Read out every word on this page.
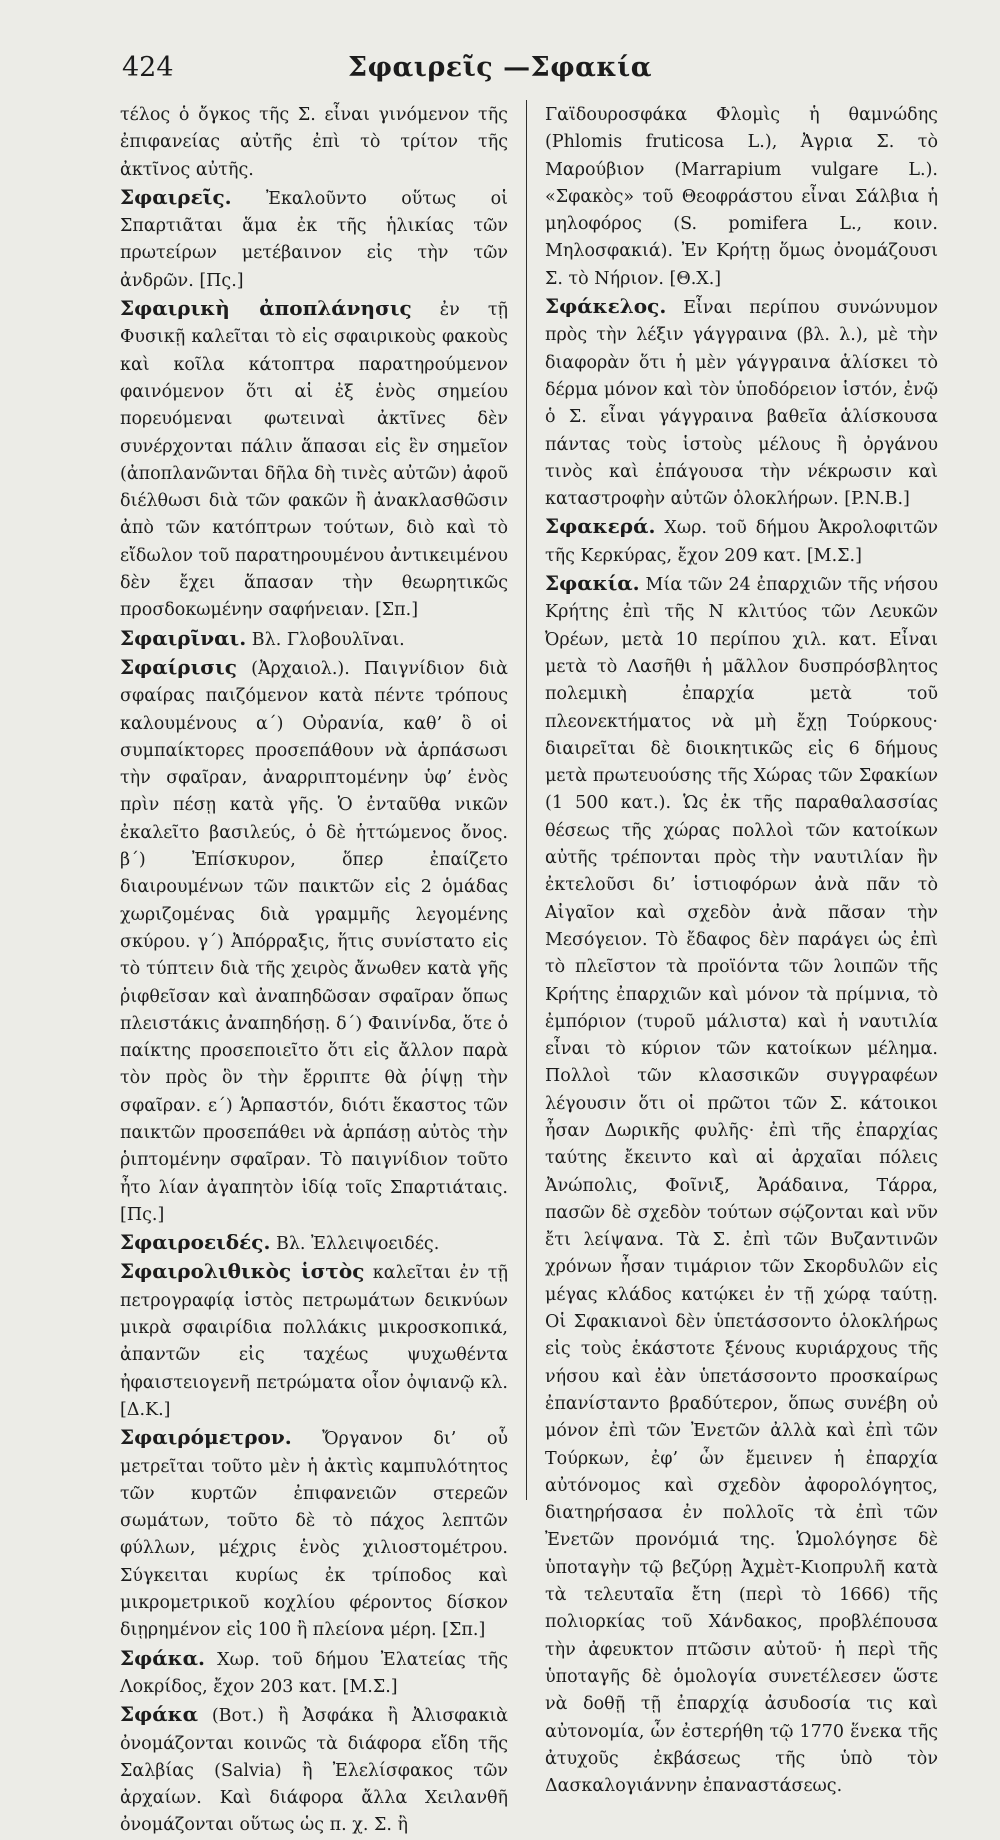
424	Σφαιρεῖς —Σφακία

τέλος ὁ ὄγκος τῆς Σ. εἶναι γινόμενον τῆς ἐπιφανείας αὐτῆς ἐπὶ τὸ τρίτον τῆς ἀκτῖνος αὐτῆς.

Σφαιρεῖς. Ἐκαλοῦντο οὕτως οἱ Σπαρτιᾶται ἅμα ἐκ τῆς ἡλικίας τῶν πρωτείρων μετέβαινον εἰς τὴν τῶν ἀνδρῶν. [Πς.]

Σφαιρικὴ ἀποπλάνησις ἐν τῇ Φυσικῇ καλεῖται τὸ εἰς σφαιρικοὺς φακοὺς καὶ κοῖλα κάτοπτρα παρατηρούμενον φαινόμενον ὅτι αἱ ἐξ ἑνὸς σημείου πορευόμεναι φωτειναὶ ἀκτῖνες δὲν συνέρχονται πάλιν ἅπασαι εἰς ἓν σημεῖον (ἀποπλανῶνται δῆλα δὴ τινὲς αὐτῶν) ἀφοῦ διέλθωσι διὰ τῶν φακῶν ἢ ἀνακλασθῶσιν ἀπὸ τῶν κατόπτρων τούτων, διὸ καὶ τὸ εἴδωλον τοῦ παρατηρουμένου ἀντικειμένου δὲν ἔχει ἅπασαν τὴν θεωρητικῶς προσδοκωμένην σαφήνειαν. [Σπ.]

Σφαιρῖναι. Βλ. Γλοβουλῖναι.

Σφαίρισις (Ἀρχαιολ.). Παιγνίδιον διὰ σφαίρας παιζόμενον κατὰ πέντε τρόπους καλουμένους α΄) Οὐρανία, καθ’ ὃ οἱ συμπαίκτορες προσεπάθουν νὰ ἁρπάσωσι τὴν σφαῖραν, ἀναρριπτομένην ὑφ’ ἑνὸς πρὶν πέσῃ κατὰ γῆς. Ὁ ἐνταῦθα νικῶν ἐκαλεῖτο βασιλεύς, ὁ δὲ ἡττώμενος ὄνος. β΄) Ἐπίσκυρον, ὅπερ ἐπαίζετο διαιρουμένων τῶν παικτῶν εἰς 2 ὁμάδας χωριζομένας διὰ γραμμῆς λεγομένης σκύρου. γ΄) Ἀπόρραξις, ἥτις συνίστατο εἰς τὸ τύπτειν διὰ τῆς χειρὸς ἄνωθεν κατὰ γῆς ῥιφθεῖσαν καὶ ἀναπηδῶσαν σφαῖραν ὅπως πλειστάκις ἀναπηδήσῃ. δ΄) Φαινίνδα, ὅτε ὁ παίκτης προσεποιεῖτο ὅτι εἰς ἄλλον παρὰ τὸν πρὸς ὃν τὴν ἔρριπτε θὰ ῥίψῃ τὴν σφαῖραν. ε΄) Ἁρπαστόν, διότι ἕκαστος τῶν παικτῶν προσεπάθει νὰ ἁρπάσῃ αὐτὸς τὴν ῥιπτομένην σφαῖραν. Τὸ παιγνίδιον τοῦτο ἦτο λίαν ἀγαπητὸν ἰδίᾳ τοῖς Σπαρτιάταις. [Πς.]

Σφαιροειδές. Βλ. Ἐλλειψοειδές.

Σφαιρολιθικὸς ἱστὸς καλεῖται ἐν τῇ πετρογραφίᾳ ἱστὸς πετρωμάτων δεικνύων μικρὰ σφαιρίδια πολλάκις μικροσκοπικά, ἀπαντῶν εἰς ταχέως ψυχωθέντα ἠφαιστειογενῆ πετρώματα οἷον ὀψιανῷ κλ. [Δ.Κ.]

Σφαιρόμετρον. Ὄργανον δι’ οὗ μετρεῖται τοῦτο μὲν ἡ ἀκτὶς καμπυλότητος τῶν κυρτῶν ἐπιφανειῶν στερεῶν σωμάτων, τοῦτο δὲ τὸ πάχος λεπτῶν φύλλων, μέχρις ἑνὸς χιλιοστομέτρου. Σύγκειται κυρίως ἐκ τρίποδος καὶ μικρομετρικοῦ κοχλίου φέροντος δίσκον διῃρημένον εἰς 100 ἢ πλείονα μέρη. [Σπ.]

Σφάκα. Χωρ. τοῦ δήμου Ἐλατείας τῆς Λοκρίδος, ἔχον 203 κατ. [Μ.Σ.]

Σφάκα (Βοτ.) ἢ Ἀσφάκα ἢ Ἀλισφακιὰ ὀνομάζονται κοινῶς τὰ διάφορα εἴδη τῆς Σαλβίας (Salvia) ἢ Ἐλελίσφακος τῶν ἀρχαίων. Καὶ διάφορα ἄλλα Χειλανθῆ ὀνομάζονται οὕτως ὡς π. χ. Σ. ἢ

Γαϊδουροσφάκα Φλομὶς ἡ θαμνώδης (Phlomis fruticosa L.), Ἀγρια Σ. τὸ Μαρούβιον (Marrapium vulgare L.). «Σφακὸς» τοῦ Θεοφράστου εἶναι Σάλβια ἡ μηλοφόρος (S. pomifera L., κοιν. Μηλοσφακιά). Ἐν Κρήτῃ ὅμως ὀνομάζουσι Σ. τὸ Νήριον. [Θ.Χ.]

Σφάκελος. Εἶναι περίπου συνώνυμον πρὸς τὴν λέξιν γάγγραινα (βλ. λ.), μὲ τὴν διαφορὰν ὅτι ἡ μὲν γάγγραινα ἁλίσκει τὸ δέρμα μόνον καὶ τὸν ὑποδόρειον ἱστόν, ἐνῷ ὁ Σ. εἶναι γάγγραινα βαθεῖα ἁλίσκουσα πάντας τοὺς ἱστοὺς μέλους ἢ ὀργάνου τινὸς καὶ ἐπάγουσα τὴν νέκρωσιν καὶ καταστροφὴν αὐτῶν ὁλοκλήρων. [P.N.B.]

Σφακερά. Χωρ. τοῦ δήμου Ἀκρολοφιτῶν τῆς Κερκύρας, ἔχον 209 κατ. [Μ.Σ.]

Σφακία. Μία τῶν 24 ἐπαρχιῶν τῆς νήσου Κρήτης ἐπὶ τῆς Ν κλιτύος τῶν Λευκῶν Ὀρέων, μετὰ 10 περίπου χιλ. κατ. Εἶναι μετὰ τὸ Λασῆθι ἡ μᾶλλον δυσπρόσβλητος πολεμικὴ ἐπαρχία μετὰ τοῦ πλεονεκτήματος νὰ μὴ ἔχῃ Τούρκους· διαιρεῖται δὲ διοικητικῶς εἰς 6 δήμους μετὰ πρωτευούσης τῆς Χώρας τῶν Σφακίων (1 500 κατ.). Ὡς ἐκ τῆς παραθαλασσίας θέσεως τῆς χώρας πολλοὶ τῶν κατοίκων αὐτῆς τρέπονται πρὸς τὴν ναυτιλίαν ἣν ἐκτελοῦσι δι’ ἱστιοφόρων ἀνὰ πᾶν τὸ Αἰγαῖον καὶ σχεδὸν ἀνὰ πᾶσαν τὴν Μεσόγειον. Τὸ ἔδαφος δὲν παράγει ὡς ἐπὶ τὸ πλεῖστον τὰ προϊόντα τῶν λοιπῶν τῆς Κρήτης ἐπαρχιῶν καὶ μόνον τὰ πρίμνια, τὸ ἐμπόριον (τυροῦ μάλιστα) καὶ ἡ ναυτιλία εἶναι τὸ κύριον τῶν κατοίκων μέλημα. Πολλοὶ τῶν κλασσικῶν συγγραφέων λέγουσιν ὅτι οἱ πρῶτοι τῶν Σ. κάτοικοι ἦσαν Δωρικῆς φυλῆς· ἐπὶ τῆς ἐπαρχίας ταύτης ἔκειντο καὶ αἱ ἀρχαῖαι πόλεις Ἀνώπολις, Φοῖνιξ, Ἀράδαινα, Τάρρα, πασῶν δὲ σχεδὸν τούτων σῴζονται καὶ νῦν ἔτι λείψανα. Τὰ Σ. ἐπὶ τῶν Βυζαντινῶν χρόνων ἦσαν τιμάριον τῶν Σκορδυλῶν εἰς μέγας κλάδος κατῴκει ἐν τῇ χώρᾳ ταύτῃ. Οἱ Σφακιανοὶ δὲν ὑπετάσσοντο ὁλοκλήρως εἰς τοὺς ἑκάστοτε ξένους κυριάρχους τῆς νήσου καὶ ἐὰν ὑπετάσσοντο προσκαίρως ἐπανίσταντο βραδύτερον, ὅπως συνέβη οὐ μόνον ἐπὶ τῶν Ἐνετῶν ἀλλὰ καὶ ἐπὶ τῶν Τούρκων, ἐφ’ ὧν ἔμεινεν ἡ ἐπαρχία αὐτόνομος καὶ σχεδὸν ἀφορολόγητος, διατηρήσασα ἐν πολλοῖς τὰ ἐπὶ τῶν Ἐνετῶν προνόμιά της. Ὡμολόγησε δὲ ὑποταγὴν τῷ βεζύρῃ Ἀχμὲτ-Κιοπρυλῆ κατὰ τὰ τελευταῖα ἔτη (περὶ τὸ 1666) τῆς πολιορκίας τοῦ Χάνδακος, προβλέπουσα τὴν ἀφευκτον πτῶσιν αὐτοῦ· ἡ περὶ τῆς ὑποταγῆς δὲ ὁμολογία συνετέλεσεν ὥστε νὰ δοθῇ τῇ ἐπαρχίᾳ ἀσυδοσία τις καὶ αὐτονομία, ὧν ἐστερήθη τῷ 1770 ἕνεκα τῆς ἀτυχοῦς ἐκβάσεως τῆς ὑπὸ τὸν Δασκαλογιάννην ἐπαναστάσεως.
